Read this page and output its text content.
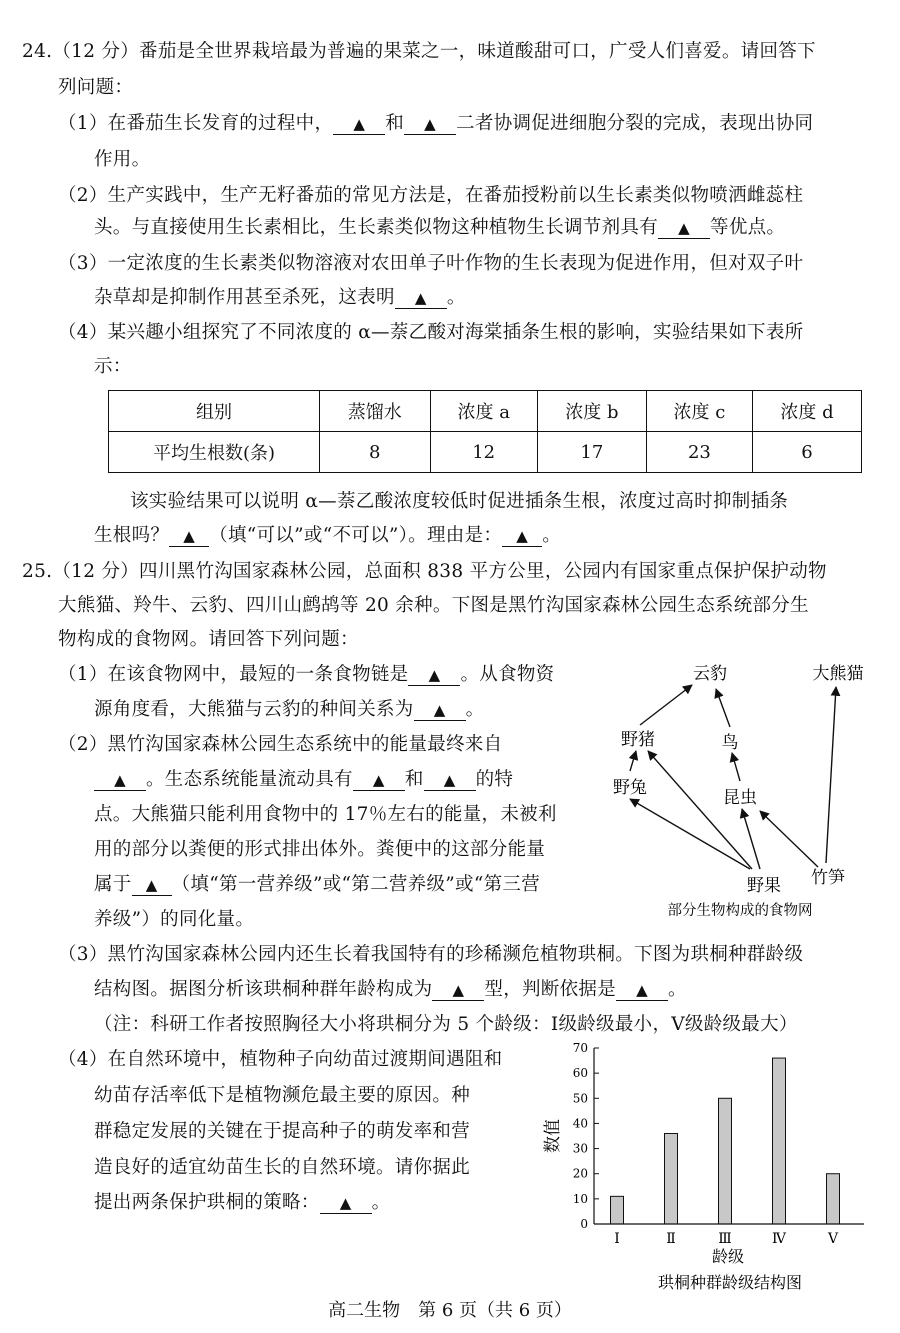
24.（12 分）番茄是全世界栽培最为普遍的果菜之一，味道酸甜可口，广受人们喜爱。请回答下
列问题：
（1）在番茄生长发育的过程中， ▲ 和 ▲ 二者协调促进细胞分裂的完成，表现出协同
作用。
（2）生产实践中，生产无籽番茄的常见方法是，在番茄授粉前以生长素类似物喷洒雌蕊柱
头。与直接使用生长素相比，生长素类似物这种植物生长调节剂具有 ▲ 等优点。
（3）一定浓度的生长素类似物溶液对农田单子叶作物的生长表现为促进作用，但对双子叶
杂草却是抑制作用甚至杀死，这表明 ▲ 。
（4）某兴趣小组探究了不同浓度的 α—萘乙酸对海棠插条生根的影响，实验结果如下表所
示：
组别	蒸馏水	浓度 a	浓度 b	浓度 c	浓度 d
平均生根数(条)	8	12	17	23	6
该实验结果可以说明 α—萘乙酸浓度较低时促进插条生根，浓度过高时抑制插条
生根吗？ ▲ （填“可以”或“不可以”）。理由是： ▲ 。
25.（12 分）四川黑竹沟国家森林公园，总面积 838 平方公里，公园内有国家重点保护保护动物
大熊猫、羚牛、云豹、四川山鹧鸪等 20 余种。下图是黑竹沟国家森林公园生态系统部分生
物构成的食物网。请回答下列问题：
（1）在该食物网中，最短的一条食物链是 ▲ 。从食物资
源角度看，大熊猫与云豹的种间关系为 ▲ 。
（2）黑竹沟国家森林公园生态系统中的能量最终来自
▲ 。生态系统能量流动具有 ▲ 和 ▲ 的特
点。大熊猫只能利用食物中的 17％左右的能量，未被利
用的部分以粪便的形式排出体外。粪便中的这部分能量
属于 ▲ （填“第一营养级”或“第二营养级”或“第三营
养级”）的同化量。
云豹	大熊猫
野猪	鸟
野兔	昆虫
野果 竹笋
部分生物构成的食物网
（3）黑竹沟国家森林公园内还生长着我国特有的珍稀濒危植物珙桐。下图为珙桐种群龄级
结构图。据图分析该珙桐种群年龄构成为 ▲ 型，判断依据是 ▲ 。
（注：科研工作者按照胸径大小将珙桐分为 5 个龄级：Ⅰ级龄级最小，Ⅴ级龄级最大）
（4）在自然环境中，植物种子向幼苗过渡期间遇阻和
幼苗存活率低下是植物濒危最主要的原因。种
群稳定发展的关键在于提高种子的萌发率和营
造良好的适宜幼苗生长的自然环境。请你据此
提出两条保护珙桐的策略： ▲ 。
0
10
20
30
40
50
60
70
Ⅰ	Ⅱ	Ⅲ	Ⅳ	Ⅴ
数值
龄级
珙桐种群龄级结构图
高二生物　第 6 页（共 6 页）
